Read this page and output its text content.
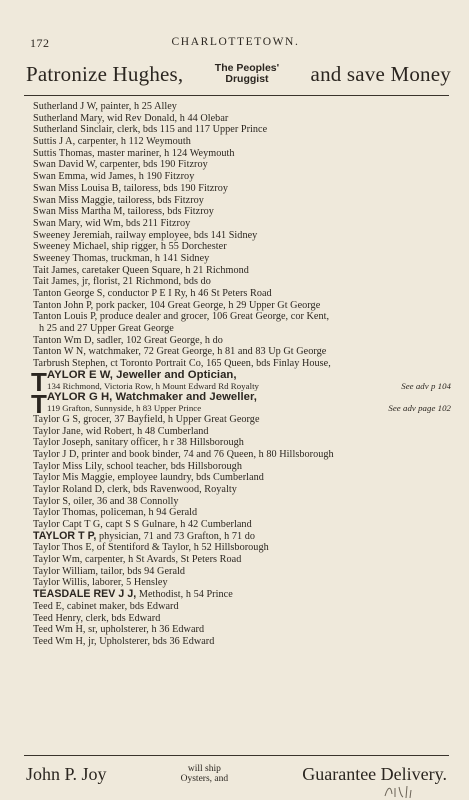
172	CHARLOTTETOWN.
Patronize Hughes,	The Peoples'
Druggist and save Money
Sutherland J W, painter, h 25 Alley
Sutherland Mary, wid Rev Donald, h 44 Olebar
Sutherland Sinclair, clerk, bds 115 and 117 Upper Prince
Suttis J A, carpenter, h 112 Weymouth
Suttis Thomas, master mariner, h 124 Weymouth
Swan David W, carpenter, bds 190 Fitzroy
Swan Emma, wid James, h 190 Fitzroy
Swan Miss Louisa B, tailoress, bds 190 Fitzroy
Swan Miss Maggie, tailoress, bds Fitzroy
Swan Miss Martha M, tailoress, bds Fitzroy
Swan Mary, wid Wm, bds 211 Fitzroy
Sweeney Jeremiah, railway employee, bds 141 Sidney
Sweeney Michael, ship rigger, h 55 Dorchester
Sweeney Thomas, truckman, h 141 Sidney
Tait James, caretaker Queen Square, h 21 Richmond
Tait James, jr, florist, 21 Richmond, bds do
Tanton George S, conductor P E I Ry, h 46 St Peters Road
Tanton John P, pork packer, 104 Great George, h 29 Upper Gt George
Tanton Louis P, produce dealer and grocer, 106 Great George, cor Kent,
h 25 and 27 Upper Great George
Tanton Wm D, sadler, 102 Great George, h do
Tanton W N, watchmaker, 72 Great George, h 81 and 83 Up Gt George
Tarbrush Stephen, ct Toronto Portrait Co, 165 Queen, bds Finlay House,
T AYLOR E W, Jeweller and Optician,
134 Richmond, Victoria Row, h Mount Edward Rd Royalty	See adv p 104
T AYLOR G H, Watchmaker and Jeweller,
119 Grafton, Sunnyside, h 83 Upper Prince	See adv page 102
Taylor G S, grocer, 37 Bayfield, h Upper Great George
Taylor Jane, wid Robert, h 48 Cumberland
Taylor Joseph, sanitary officer, h r 38 Hillsborough
Taylor J D, printer and book binder, 74 and 76 Queen, h 80 Hillsborough
Taylor Miss Lily, school teacher, bds Hillsborough
Taylor Mis Maggie, employee laundry, bds Cumberland
Taylor Roland D, clerk, bds Ravenwood, Royalty
Taylor S, oiler, 36 and 38 Connolly
Taylor Thomas, policeman, h 94 Gerald
Taylor Capt T G, capt S S Gulnare, h 42 Cumberland
TAYLOR T P, physician, 71 and 73 Grafton, h 71 do
Taylor Thos E, of Stentiford & Taylor, h 52 Hillsborough
Taylor Wm, carpenter, h St Avards, St Peters Road
Taylor William, tailor, bds 94 Gerald
Taylor Willis, laborer, 5 Hensley
TEASDALE REV J J, Methodist, h 54 Prince
Teed E, cabinet maker, bds Edward
Teed Henry, clerk, bds Edward
Teed Wm H, sr, upholsterer, h 36 Edward
Teed Wm H, jr, Upholsterer, bds 36 Edward
John P. Joy	will ship
Oysters, and	Guarantee Delivery.
